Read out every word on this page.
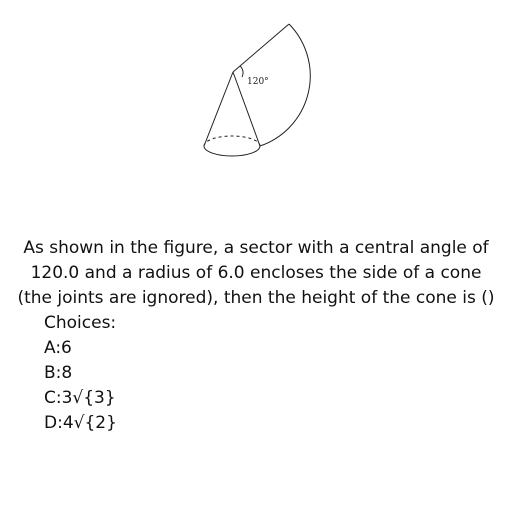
120°

As shown in the figure, a sector with a central angle of 120.0 and a radius of 6.0 encloses the side of a cone (the joints are ignored), then the height of the cone is ()

Choices:
A:6
B:8
C:3√{3}
D:4√{2}
